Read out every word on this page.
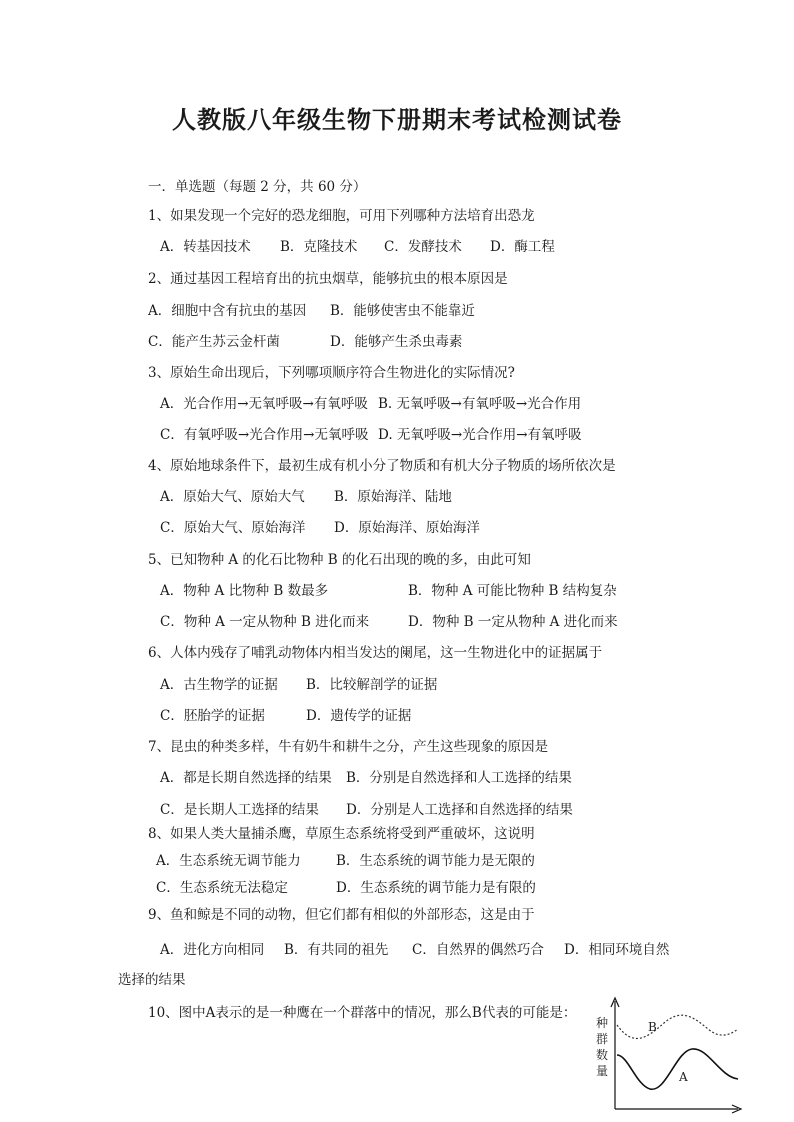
人教版八年级生物下册期末考试检测试卷
一．单选题（每题 2 分，共 60 分）
1、如果发现一个完好的恐龙细胞，可用下列哪种方法培育出恐龙
A．转基因技术 B．克隆技术 C．发酵技术 D．酶工程
2、通过基因工程培育出的抗虫烟草，能够抗虫的根本原因是
A．细胞中含有抗虫的基因 B．能够使害虫不能靠近
C．能产生苏云金杆菌	D．能够产生杀虫毒素
3、原始生命出现后，下列哪项顺序符合生物进化的实际情况?
A．光合作用→无氧呼吸→有氧呼吸 B. 无氧呼吸→有氧呼吸→光合作用
C．有氧呼吸→光合作用→无氧呼吸 D. 无氧呼吸→光合作用→有氧呼吸
4、原始地球条件下，最初生成有机小分了物质和有机大分子物质的场所依次是
A．原始大气、原始大气 B．原始海洋、陆地
C．原始大气、原始海洋 D．原始海洋、原始海洋
5、已知物种 A 的化石比物种 B 的化石出现的晚的多，由此可知
A．物种 A 比物种 B 数最多	B．物种 A 可能比物种 B 结构复杂
C．物种 A 一定从物种 B 进化而来	D．物种 B 一定从物种 A 进化而来
6、人体内残存了哺乳动物体内相当发达的阑尾，这一生物进化中的证据属于
A．古生物学的证据 B．比较解剖学的证据
C．胚胎学的证据	D．遗传学的证据
7、昆虫的种类多样，牛有奶牛和耕牛之分，产生这些现象的原因是
A．都是长期自然选择的结果 B．分别是自然选择和人工选择的结果
C．是长期人工选择的结果 D．分别是人工选择和自然选择的结果
8、如果人类大量捕杀鹰，草原生态系统将受到严重破坏，这说明
A．生态系统无调节能力	B．生态系统的调节能力是无限的
C．生态系统无法稳定	D．生态系统的调节能力是有限的
9、鱼和鲸是不同的动物，但它们都有相似的外部形态，这是由于
A．进化方向相同 B．有共同的祖先 C．自然界的偶然巧合 D．相同环境自然
选择的结果
10、图中A表示的是一种鹰在一个群落中的情况，那么B代表的可能是：
种
群
数
量
B
A
